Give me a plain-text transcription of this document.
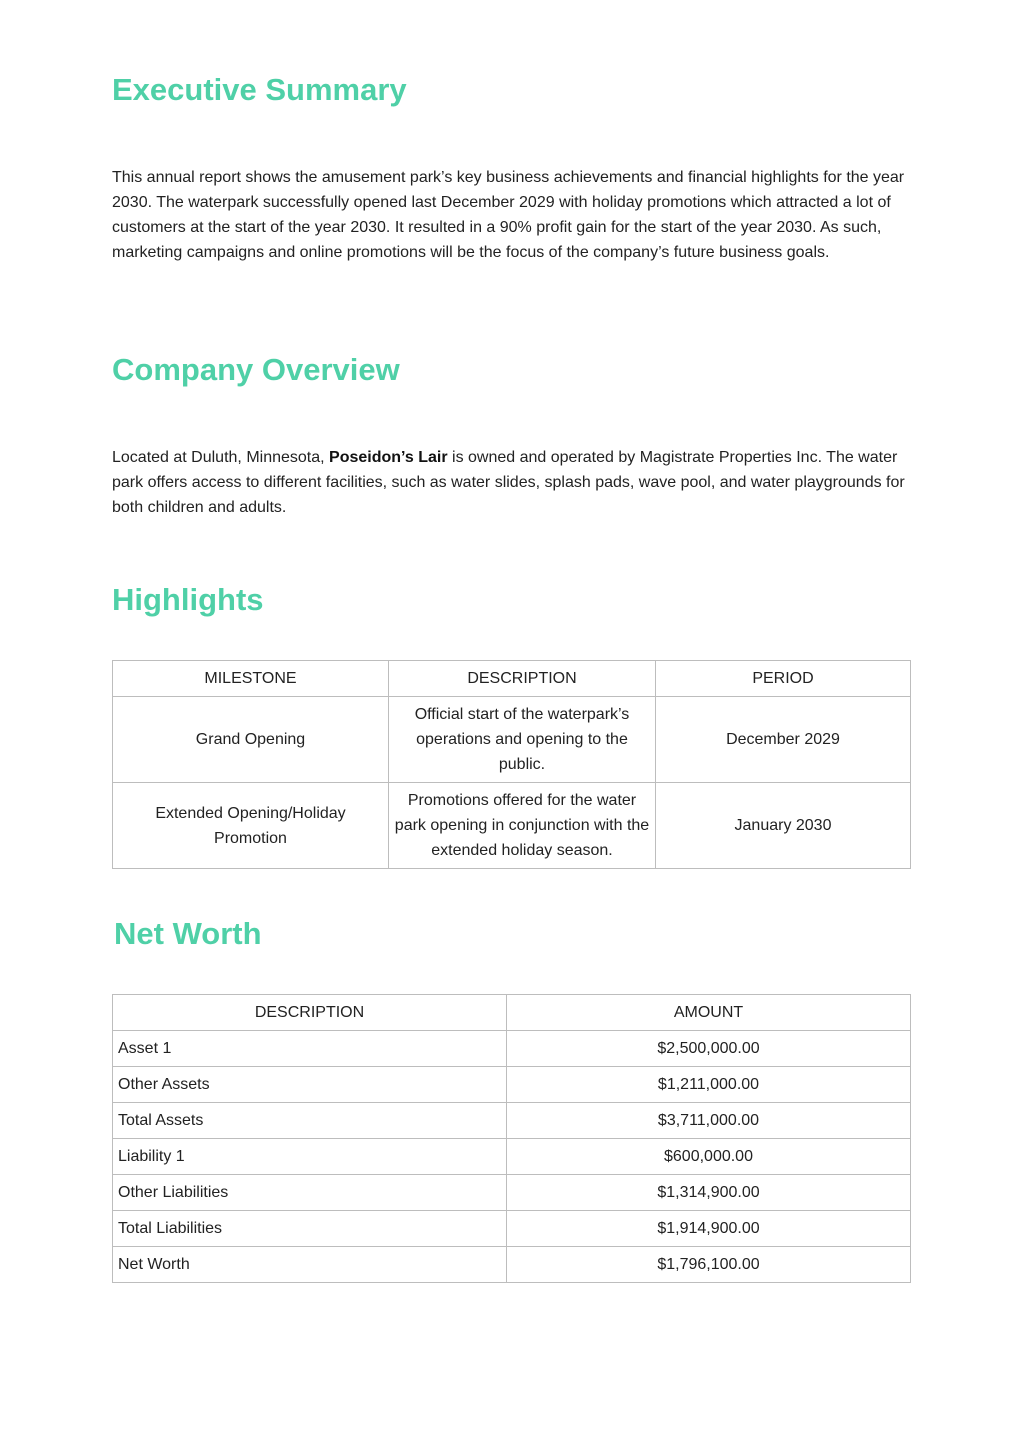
Executive Summary

This annual report shows the amusement park’s key business achievements and financial highlights for the year 2030. The waterpark successfully opened last December 2029 with holiday promotions which attracted a lot of customers at the start of the year 2030. It resulted in a 90% profit gain for the start of the year 2030. As such, marketing campaigns and online promotions will be the focus of the company’s future business goals.

Company Overview

Located at Duluth, Minnesota, Poseidon’s Lair is owned and operated by Magistrate Properties Inc. The water park offers access to different facilities, such as water slides, splash pads, wave pool, and water playgrounds for both children and adults.

Highlights
MILESTONE	DESCRIPTION	PERIOD
Grand Opening	Official start of the waterpark’s operations and opening to the public.	December 2029
Extended Opening/Holiday Promotion	Promotions offered for the water park opening in conjunction with the extended holiday season.	January 2030
Net Worth
DESCRIPTION	AMOUNT
Asset 1	$2,500,000.00
Other Assets	$1,211,000.00
Total Assets	$3,711,000.00
Liability 1	$600,000.00
Other Liabilities	$1,314,900.00
Total Liabilities	$1,914,900.00
Net Worth	$1,796,100.00
